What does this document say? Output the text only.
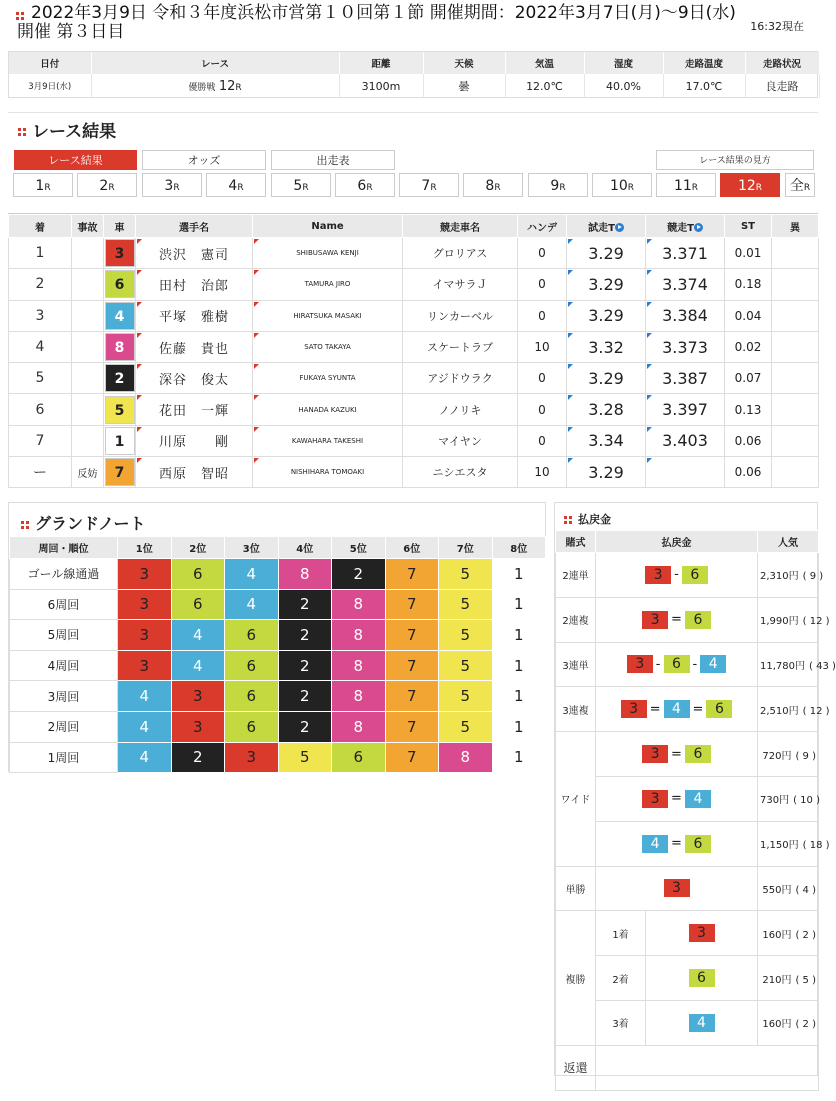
2022年3月9日 令和３年度浜松市営第１０回第１節 開催期間：2022年3月7日(月)〜9日(水) 開催 第３日目	16:32現在
日付	レース	距離	天候	気温	湿度	走路温度	走路状況
3月9日(水)	優勝戦 12R	3100m	曇	12.0℃	40.0%	17.0℃	良走路
レース結果
レース結果	オッズ	出走表	レース結果の見方
1R	2R	3R	4R	5R	6R	7R	8R	9R	10R	11R	12R	全R
着	事故	車	選手名	Name	競走車名	ハンデ	試走T	競走T	ST	異
1		3	渋沢　憲司	SHIBUSAWA KENJI	グロリアス	0	3.29	3.371	0.01	
2		6	田村　治郎	TAMURA JIRO	イマサラＪ	0	3.29	3.374	0.18	
3		4	平塚　雅樹	HIRATSUKA MASAKI	リンカーベル	0	3.29	3.384	0.04	
4		8	佐藤　貴也	SATO TAKAYA	スケートラブ	10	3.32	3.373	0.02	
5		2	深谷　俊太	FUKAYA SYUNTA	アジドウラク	0	3.29	3.387	0.07	
6		5	花田　一輝	HANADA KAZUKI	ノノリキ	0	3.28	3.397	0.13	
7		1	川原　　剛	KAWAHARA TAKESHI	マイヤン	0	3.34	3.403	0.06	
ー	反妨	7	西原　智昭	NISHIHARA TOMOAKI	ニシエスタ	10	3.29		0.06	
グランドノート
周回・順位	1位	2位	3位	4位	5位	6位	7位	8位
ゴール線通過	3	6	4	8	2	7	5	1
6周回	3	6	4	2	8	7	5	1
5周回	3	4	6	2	8	7	5	1
4周回	3	4	6	2	8	7	5	1
3周回	4	3	6	2	8	7	5	1
2周回	4	3	6	2	8	7	5	1
1周回	4	2	3	5	6	7	8	1
払戻金
賭式	払戻金		人気
2連単	3 - 6		2,310円 ( 9 )
2連複	3 = 6		1,990円 ( 12 )
3連単	3 - 6 - 4		11,780円 ( 43 )
3連複	3 = 4 = 6		2,510円 ( 12 )
ワイド	3 = 6		720円 ( 9 )

	3 = 4		730円 ( 10 )

	4 = 6		1,150円 ( 18 )
単勝	3		550円 ( 4 )
複勝	1着	3	160円 ( 2 )
	2着	6	210円 ( 5 )
	3着	4	160円 ( 2 )
返還			
